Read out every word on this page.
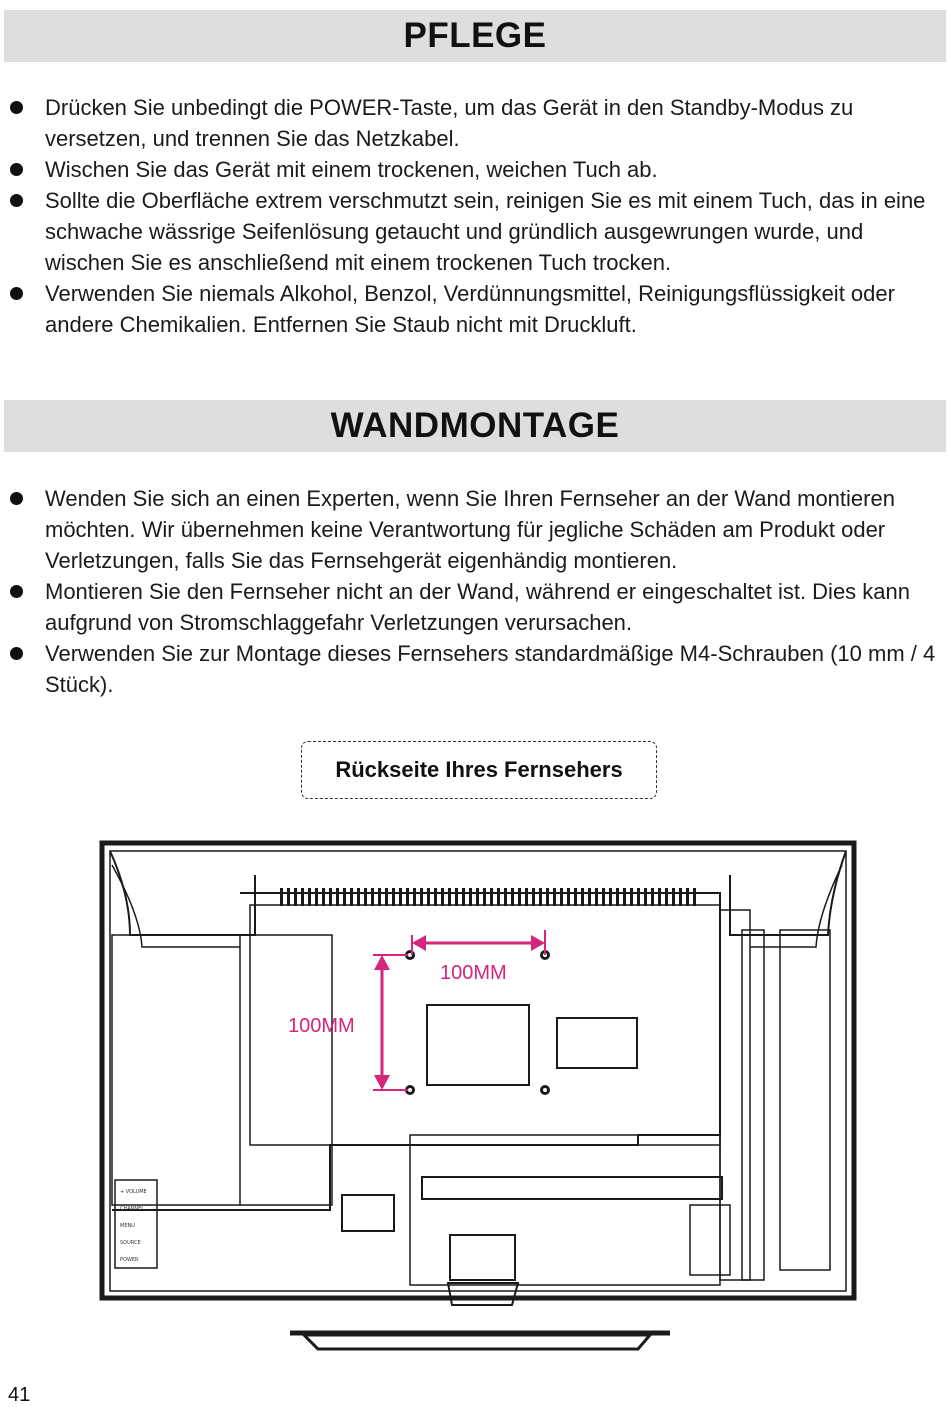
PFLEGE
Drücken Sie unbedingt die POWER-Taste, um das Gerät in den Standby-Modus zu versetzen, und trennen Sie das Netzkabel.
Wischen Sie das Gerät mit einem trockenen, weichen Tuch ab.
Sollte die Oberfläche extrem verschmutzt sein, reinigen Sie es mit einem Tuch, das in eine schwache wässrige Seifenlösung getaucht und gründlich ausgewrungen wurde, und wischen Sie es anschließend mit einem trockenen Tuch trocken.
Verwenden Sie niemals Alkohol, Benzol, Verdünnungsmittel, Reinigungsflüssigkeit oder andere Chemikalien. Entfernen Sie Staub nicht mit Druckluft.
WANDMONTAGE
Wenden Sie sich an einen Experten, wenn Sie Ihren Fernseher an der Wand montieren möchten. Wir übernehmen keine Verantwortung für jegliche Schäden am Produkt oder Verletzungen, falls Sie das Fernsehgerät eigenhändig montieren.
Montieren Sie den Fernseher nicht an der Wand, während er eingeschaltet ist. Dies kann aufgrund von Stromschlaggefahr Verletzungen verursachen.
Verwenden Sie zur Montage dieses Fernsehers standardmäßige M4-Schrauben (10 mm / 4 Stück).
Rückseite Ihres Fernsehers
+ VOLUME
CHANNEL
MENU
SOURCE
POWER
100MM
100MM
41
